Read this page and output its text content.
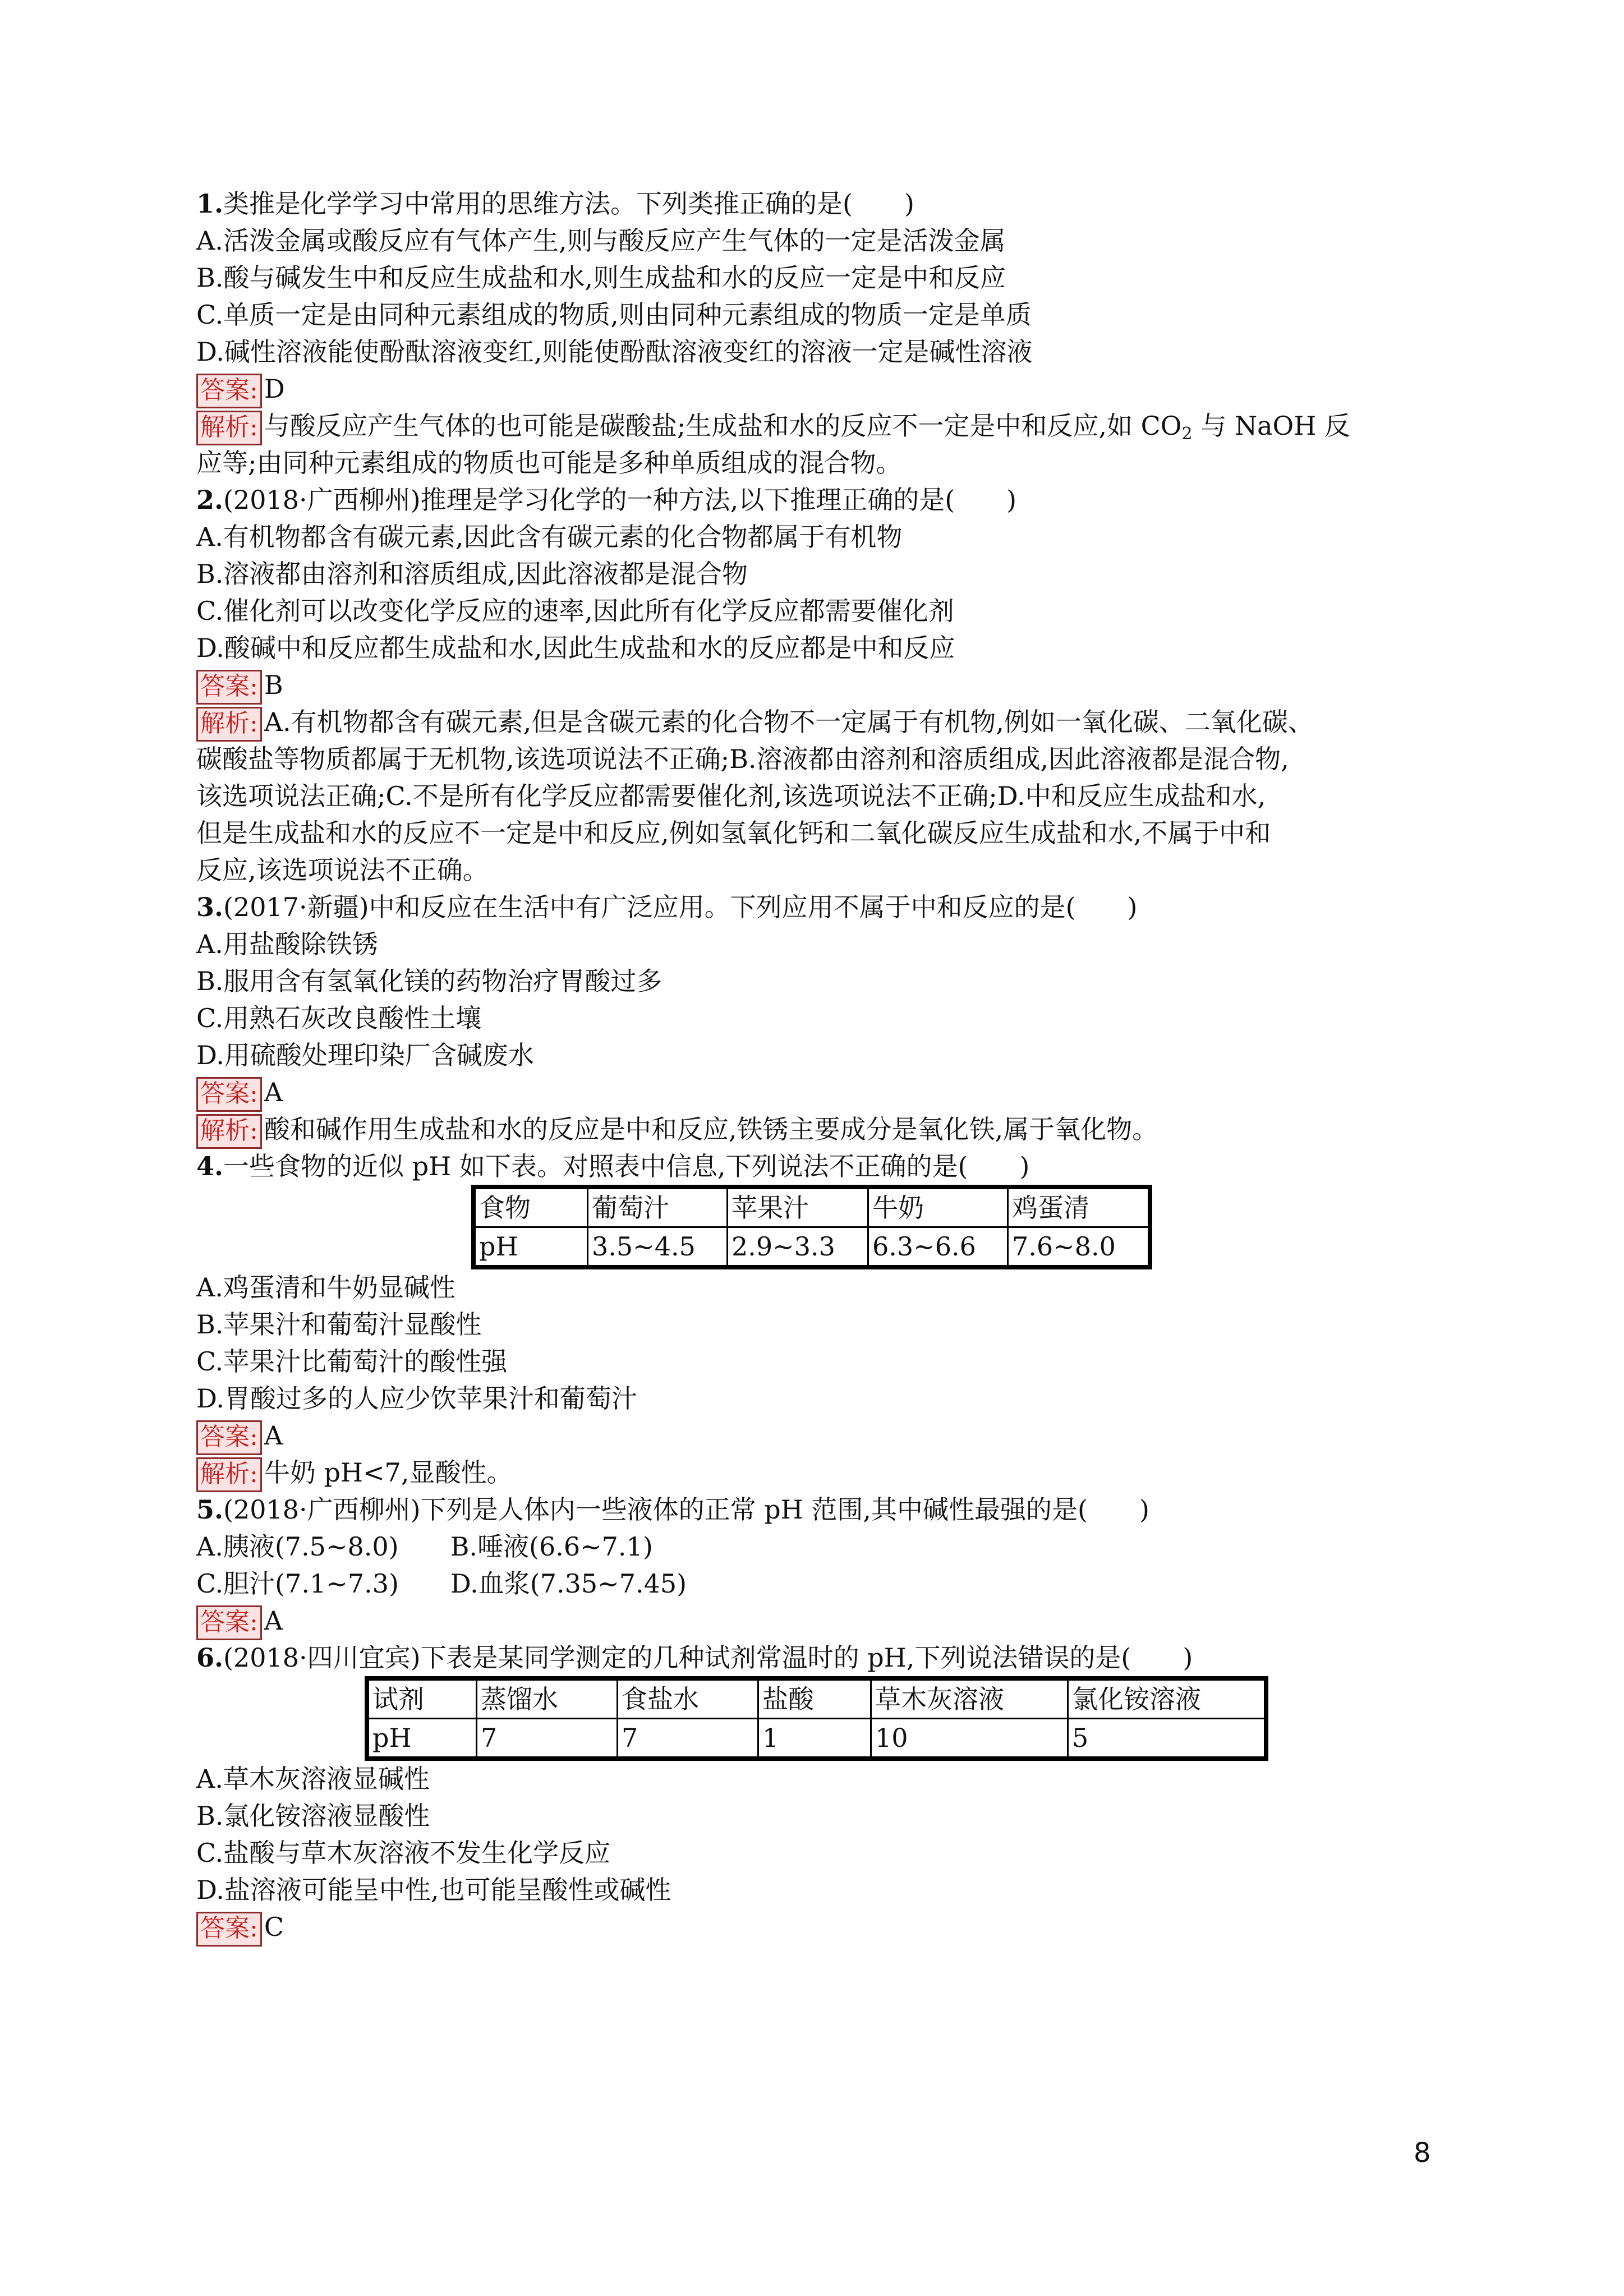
1.类推是化学学习中常用的思维方法。下列类推正确的是(　　)
A.活泼金属或酸反应有气体产生,则与酸反应产生气体的一定是活泼金属
B.酸与碱发生中和反应生成盐和水,则生成盐和水的反应一定是中和反应
C.单质一定是由同种元素组成的物质,则由同种元素组成的物质一定是单质
D.碱性溶液能使酚酞溶液变红,则能使酚酞溶液变红的溶液一定是碱性溶液
答案: D
解析: 与酸反应产生气体的也可能是碳酸盐;生成盐和水的反应不一定是中和反应,如 $CO_2$ 与 NaOH 反
应等;由同种元素组成的物质也可能是多种单质组成的混合物。
2.(2018·广西柳州)推理是学习化学的一种方法,以下推理正确的是(　　)
A.有机物都含有碳元素,因此含有碳元素的化合物都属于有机物
B.溶液都由溶剂和溶质组成,因此溶液都是混合物
C.催化剂可以改变化学反应的速率,因此所有化学反应都需要催化剂
D.酸碱中和反应都生成盐和水,因此生成盐和水的反应都是中和反应
答案: B
解析: A.有机物都含有碳元素,但是含碳元素的化合物不一定属于有机物,例如一氧化碳、二氧化碳、
碳酸盐等物质都属于无机物,该选项说法不正确;B.溶液都由溶剂和溶质组成,因此溶液都是混合物,
该选项说法正确;C.不是所有化学反应都需要催化剂,该选项说法不正确;D.中和反应生成盐和水,
但是生成盐和水的反应不一定是中和反应,例如氢氧化钙和二氧化碳反应生成盐和水,不属于中和
反应,该选项说法不正确。
3.(2017·新疆)中和反应在生活中有广泛应用。下列应用不属于中和反应的是(　　)
A.用盐酸除铁锈
B.服用含有氢氧化镁的药物治疗胃酸过多
C.用熟石灰改良酸性土壤
D.用硫酸处理印染厂含碱废水
答案: A
解析: 酸和碱作用生成盐和水的反应是中和反应,铁锈主要成分是氧化铁,属于氧化物。
4.一些食物的近似 pH 如下表。对照表中信息,下列说法不正确的是(　　)
食物	葡萄汁	苹果汁	牛奶	鸡蛋清
pH	3.5~4.5	2.9~3.3	6.3~6.6	7.6~8.0
A.鸡蛋清和牛奶显碱性
B.苹果汁和葡萄汁显酸性
C.苹果汁比葡萄汁的酸性强
D.胃酸过多的人应少饮苹果汁和葡萄汁
答案: A
解析: 牛奶 pH<7,显酸性。
5.(2018·广西柳州)下列是人体内一些液体的正常 pH 范围,其中碱性最强的是(　　)
A.胰液(7.5~8.0)　　B.唾液(6.6~7.1)
C.胆汁(7.1~7.3)　　D.血浆(7.35~7.45)
答案: A
6.(2018·四川宜宾)下表是某同学测定的几种试剂常温时的 pH,下列说法错误的是(　　)
试剂	蒸馏水	食盐水	盐酸	草木灰溶液	氯化铵溶液
pH	7	7	1	10	5
A.草木灰溶液显碱性
B.氯化铵溶液显酸性
C.盐酸与草木灰溶液不发生化学反应
D.盐溶液可能呈中性,也可能呈酸性或碱性
答案: C
8
